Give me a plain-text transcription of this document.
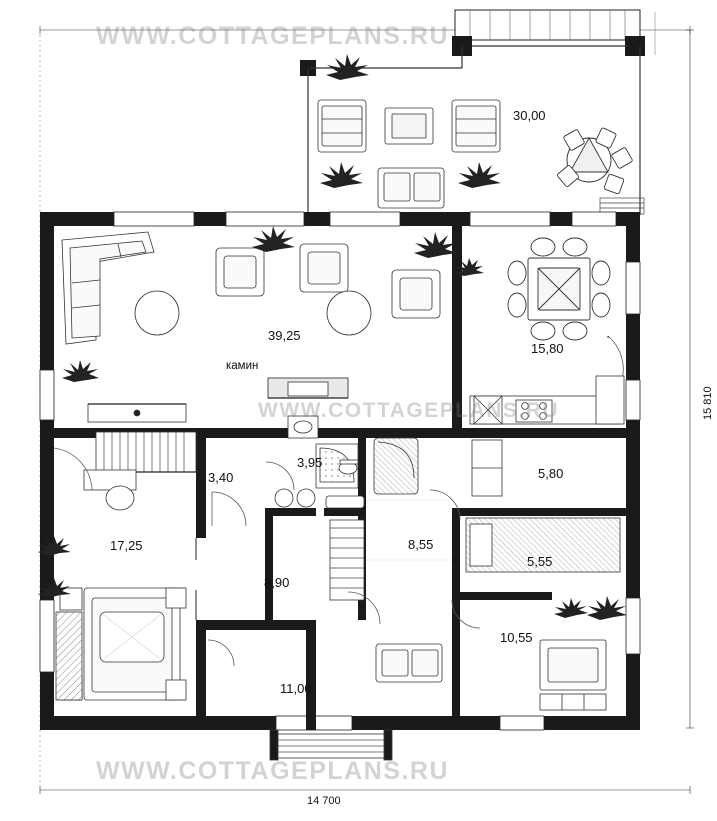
WWW.COTTAGEPLANS.RU
WWW.COTTAGEPLANS.RU
WWW.COTTAGEPLANS.RU
камин
30,00
39,25
15,80
3,40
3,95
5,80
8,55
5,55
17,25
8,90
10,55
11,00
14 700
15 810
